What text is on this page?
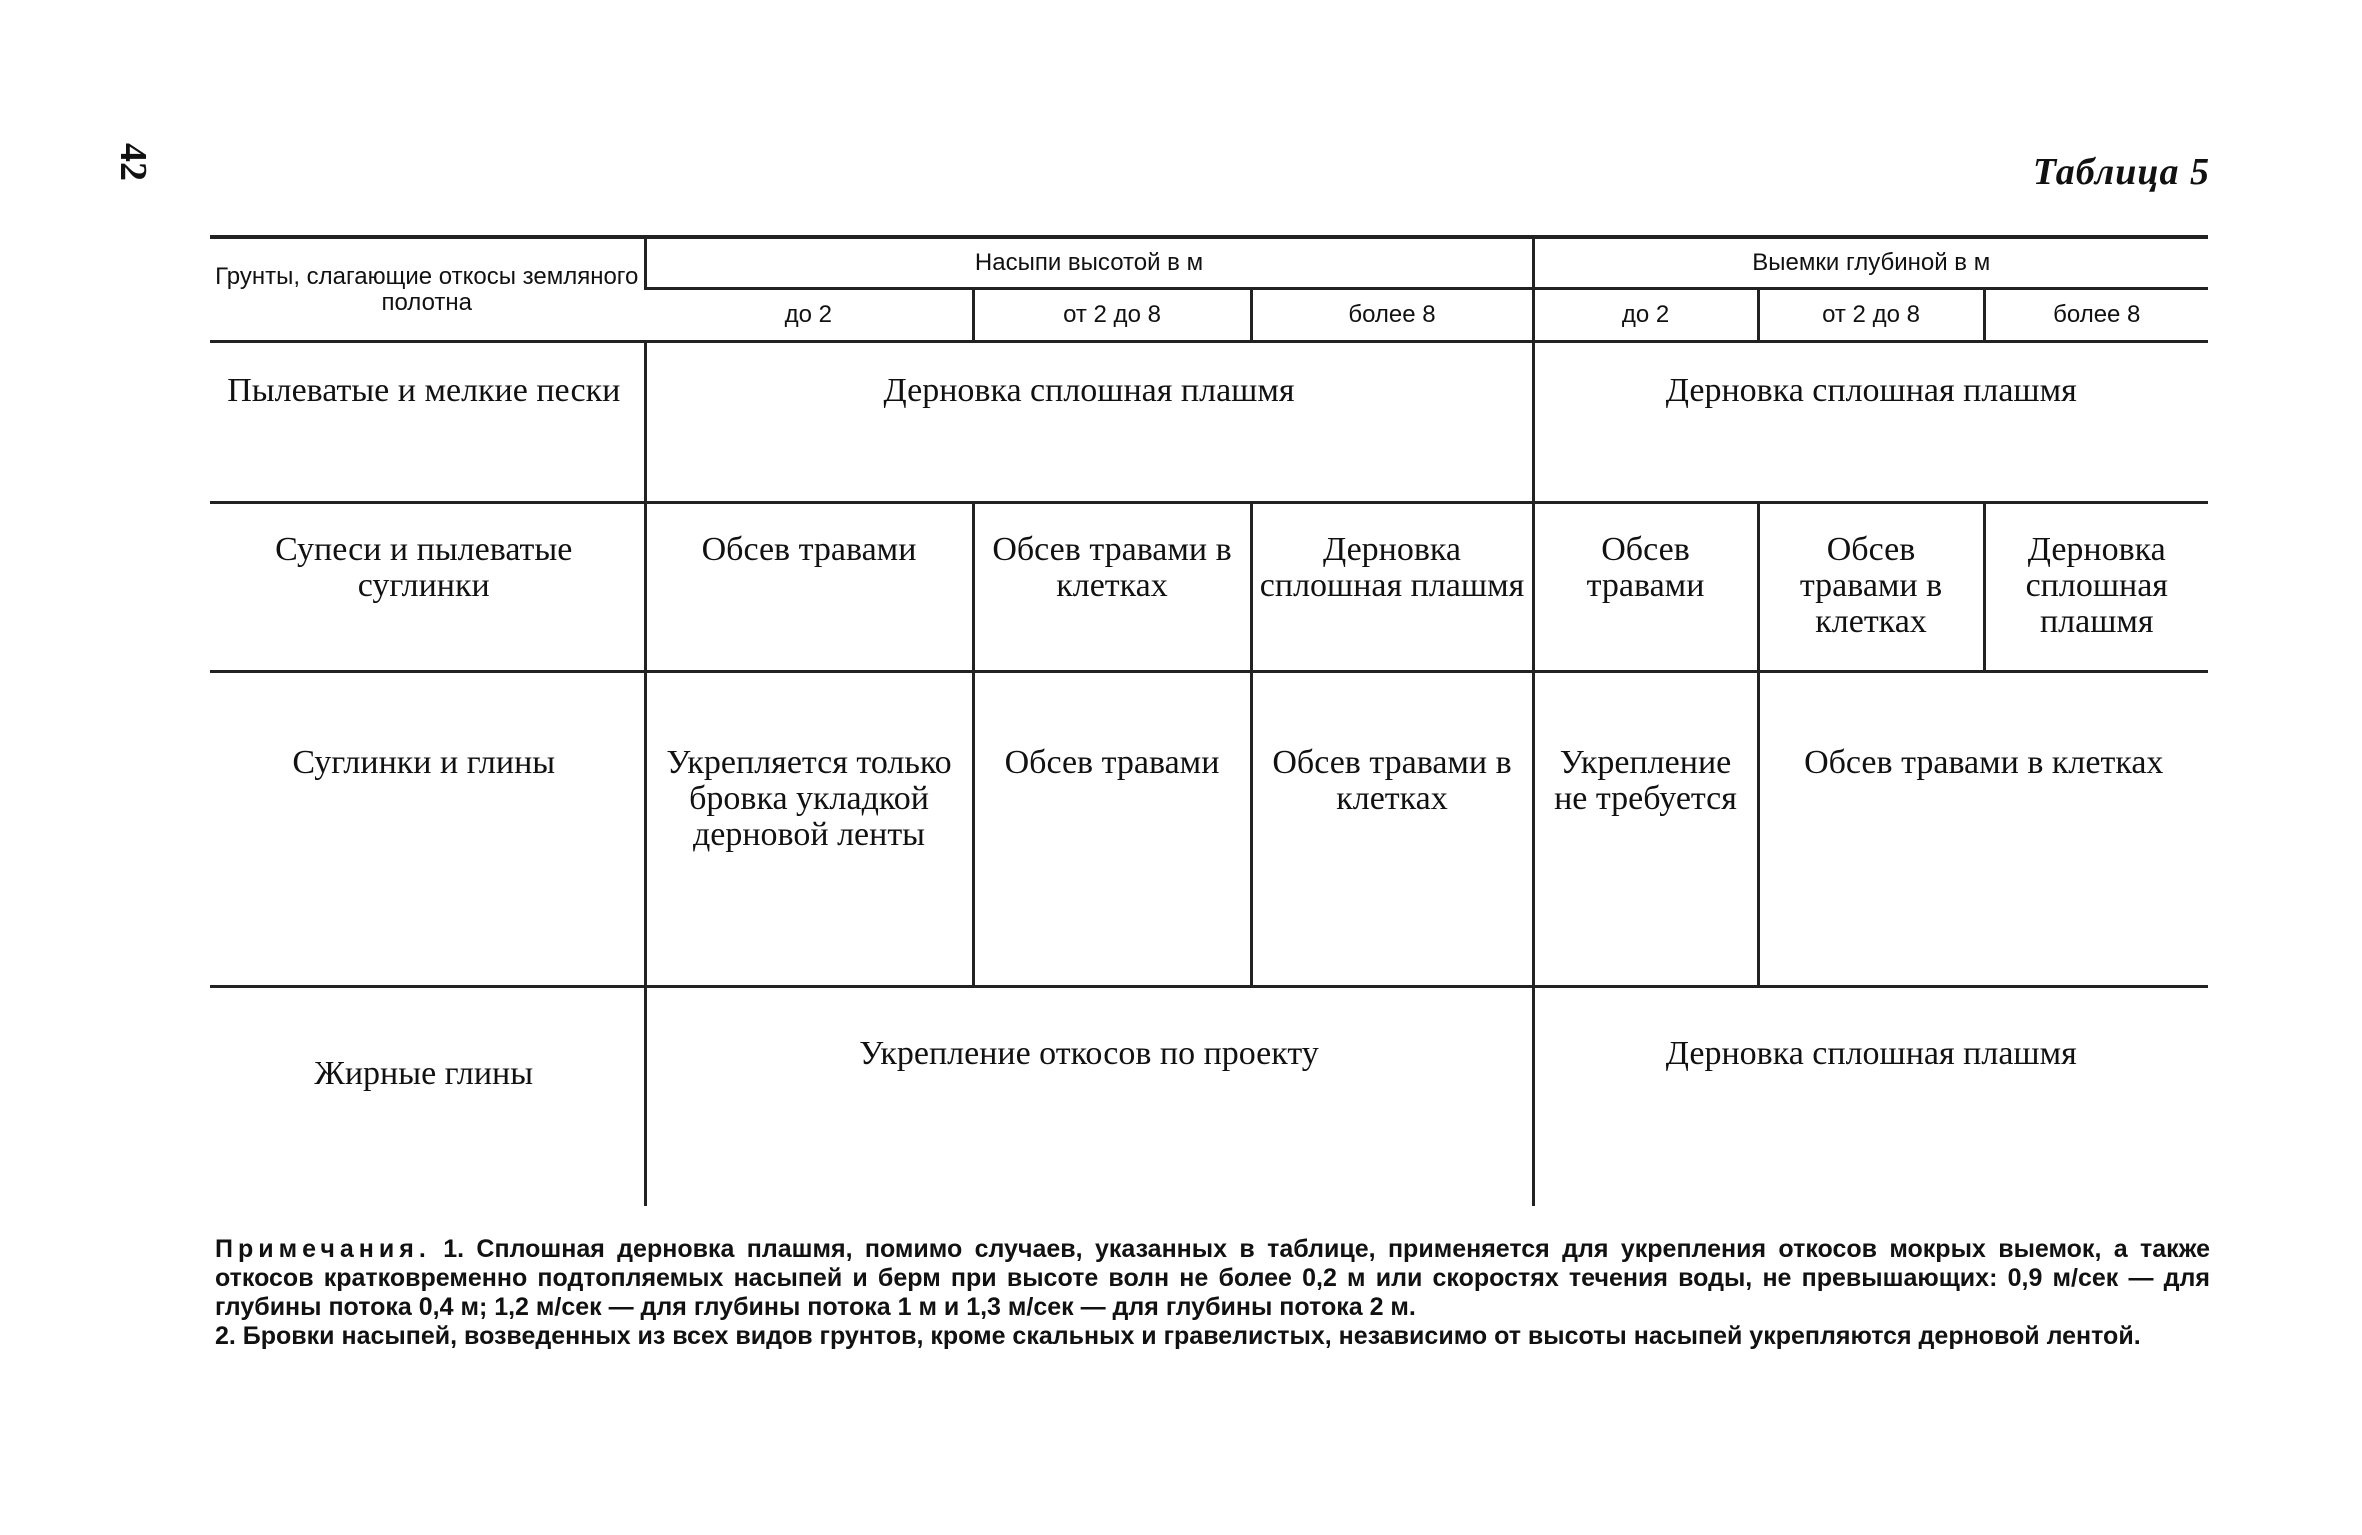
42	Таблица 5
Грунты, слагающие откосы земляного полотна	Насыпи высотой в м			Выемки глубиной в м		
	до 2	от 2 до 8	более 8	до 2	от 2 до 8	более 8
Пылеватые и мелкие пески	Дерновка сплошная плашмя			Дерновка сплошная плашмя		
Супеси и пылеватые суглинки	Обсев травами	Обсев травами в клетках	Дерновка сплошная плашмя	Обсев травами	Обсев травами в клетках	Дерновка сплошная плашмя
Суглинки и глины	Укрепляется только бровка укладкой дерновой ленты	Обсев травами	Обсев травами в клетках	Укрепление не требуется	Обсев травами в клетках	
Жирные глины	Укрепление откосов по проекту			Дерновка сплошная плашмя		

Примечания. 1. Сплошная дерновка плашмя, помимо случаев, указанных в таблице, применяется для укрепления откосов мокрых выемок, а также откосов кратковременно подтопляемых насыпей и берм при высоте волн не более 0,2 м или скоростях течения воды, не превышающих: 0,9 м/сек — для глубины потока 0,4 м; 1,2 м/сек — для глубины потока 1 м и 1,3 м/сек — для глубины потока 2 м.

2. Бровки насыпей, возведенных из всех видов грунтов, кроме скальных и гравелистых, независимо от высоты насыпей укрепляются дерновой лентой.
